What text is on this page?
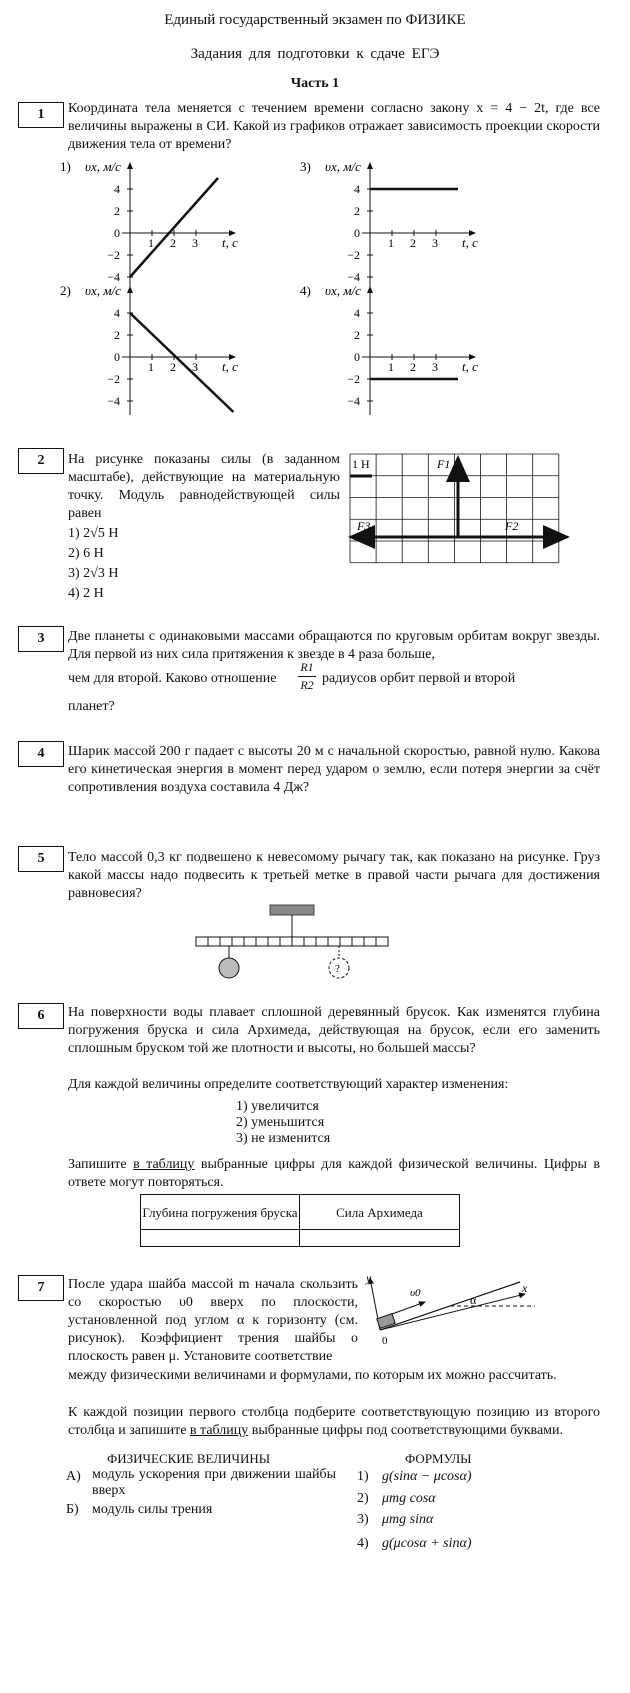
Единый государственный экзамен по ФИЗИКЕ
Задания для подготовки к сдаче ЕГЭ
Часть 1
1	Координата тела меняется с течением времени согласно закону x = 4 − 2t, где все величины выражены в СИ. Какой из графиков отражает зависимость проекции скорости движения тела от времени?
1) υx, м/с
t, c
4
2
0
−2
−4
1 2 3
3) υx, м/с
t, c
4
2
0
−2
−4
1 2 3
2) υx, м/с
t, c
4
2
0
−2
−4
1 2 3
4) υx, м/с
t, c
4
2
0
−2
−4
1 2 3
2	На рисунке показаны силы (в заданном масштабе), действующие на материальную точку. Модуль равнодействующей силы равен
1) 2√5 Н
2) 6 Н
3) 2√3 Н
4) 2 Н
1 Н	F1
F2
F3
3	Две планеты с одинаковыми массами обращаются по круговым орбитам вокруг звезды. Для первой из них сила притяжения к звезде в 4 раза больше,
чем для второй. Каково отношение
R1
R2 радиусов орбит первой и второй
планет?
4	Шарик массой 200 г падает с высоты 20 м с начальной скоростью, равной нулю. Какова его кинетическая энергия в момент перед ударом о землю, если потеря энергии за счёт сопротивления воздуха составила 4 Дж?
5	Тело массой 0,3 кг подвешено к невесомому рычагу так, как показано на рисунке. Груз какой массы надо подвесить к третьей метке в правой части рычага для достижения равновесия?
?
6	На поверхности воды плавает сплошной деревянный брусок. Как изменятся глубина погружения бруска и сила Архимеда, действующая на брусок, если его заменить сплошным бруском той же плотности и высоты, но большей массы?
Для каждой величины определите соответствующий характер изменения:
1) увеличится
2) уменьшится
3) не изменится
Запишите в таблицу выбранные цифры для каждой физической величины. Цифры в ответе могут повторяться.
Глубина погружения бруска	Сила Архимеда
7	После удара шайба массой m начала скользить со скоростью υ0 вверх по плоскости, установленной под углом α к горизонту (см. рисунок). Коэффициент трения шайбы о плоскость равен μ. Установите соответствие
между физическими величинами и формулами, по которым их можно рассчитать.
К каждой позиции первого столбца подберите соответствующую позицию из второго столбца и запишите в таблицу выбранные цифры под соответствующими буквами.
y
x
υ0	α
0
ФИЗИЧЕСКИЕ ВЕЛИЧИНЫ	ФОРМУЛЫ
А) модуль ускорения при движении шайбы вверх
Б) модуль силы трения
1) g(sinα − μcosα)
2) μmg cosα
3) μmg sinα
4) g(μcosα + sinα)
